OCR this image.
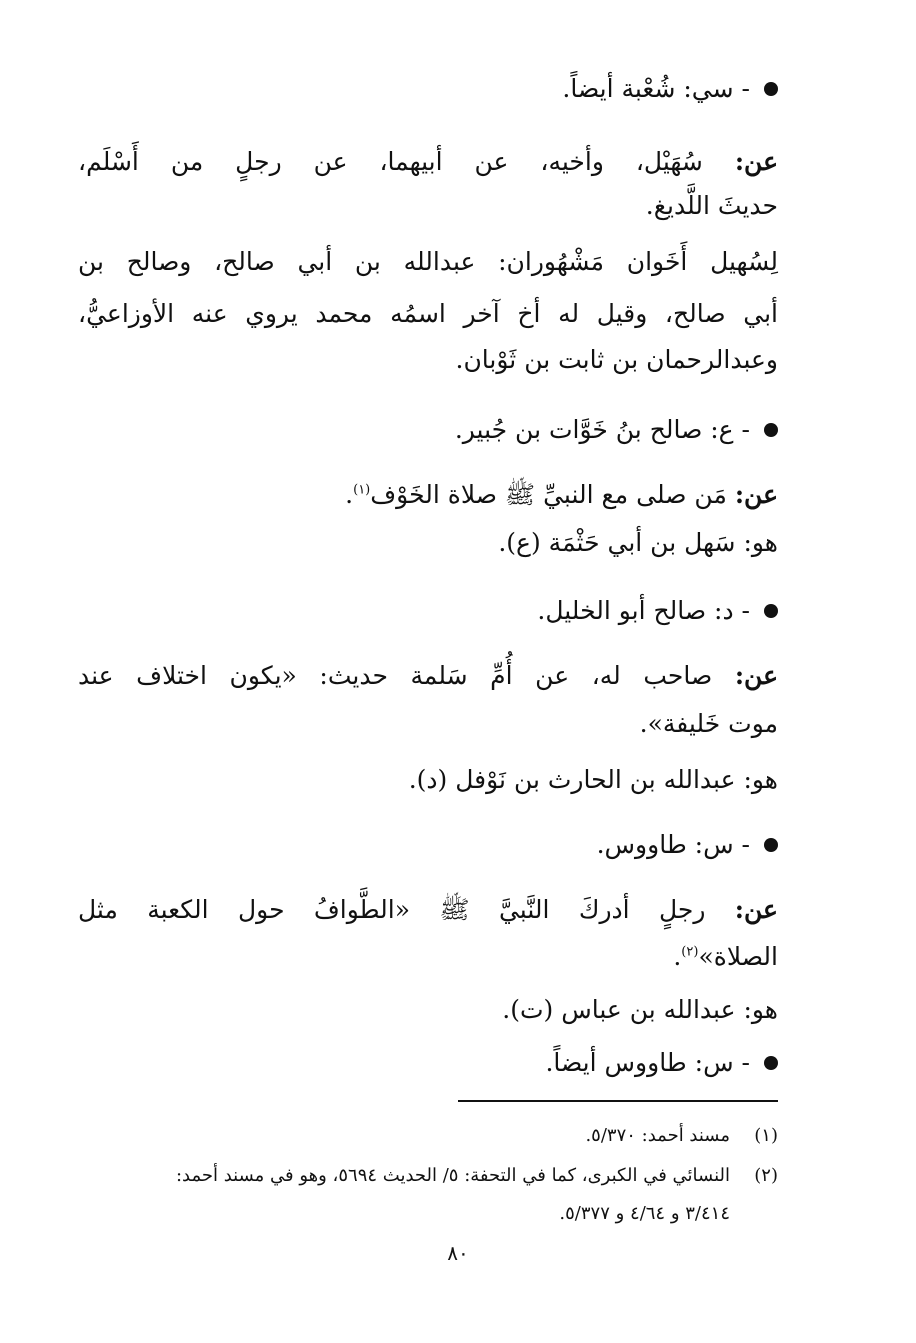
- سي: شُعْبة أيضاً.
عن: سُهَيْل، وأخيه، عن أبيهما، عن رجلٍ من أَسْلَم،
حديثَ اللَّديغ.
لِسُهيل أَخَوان مَشْهُوران: عبدالله بن أبي صالح، وصالح بن
أبي صالح، وقيل له أخ آخر اسمُه محمد يروي عنه الأوزاعيُّ،
وعبدالرحمان بن ثابت بن ثَوْبان.
- ع: صالح بنُ خَوَّات بن جُبير.
عن: مَن صلى مع النبيِّ ﷺ صلاة الخَوْف$^{(١)}$.
هو: سَهل بن أبي حَثْمَة (ع).
- د: صالح أبو الخليل.
عن: صاحب له، عن أُمِّ سَلمة حديث: «يكون اختلاف عند
موت خَليفة».
هو: عبدالله بن الحارث بن نَوْفل (د).
- س: طاووس.
عن: رجلٍ أدركَ النَّبيَّ ﷺ «الطَّوافُ حول الكعبة مثل
الصلاة»$^{(٢)}$.
هو: عبدالله بن عباس (ت).
- س: طاووس أيضاً.
(١)مسند أحمد: ٥/٣٧٠.
(٢)النسائي في الكبرى، كما في التحفة: ٥/ الحديث ٥٦٩٤، وهو في مسند أحمد:
٣/٤١٤ و ٤/٦٤ و ٥/٣٧٧.
٨٠
